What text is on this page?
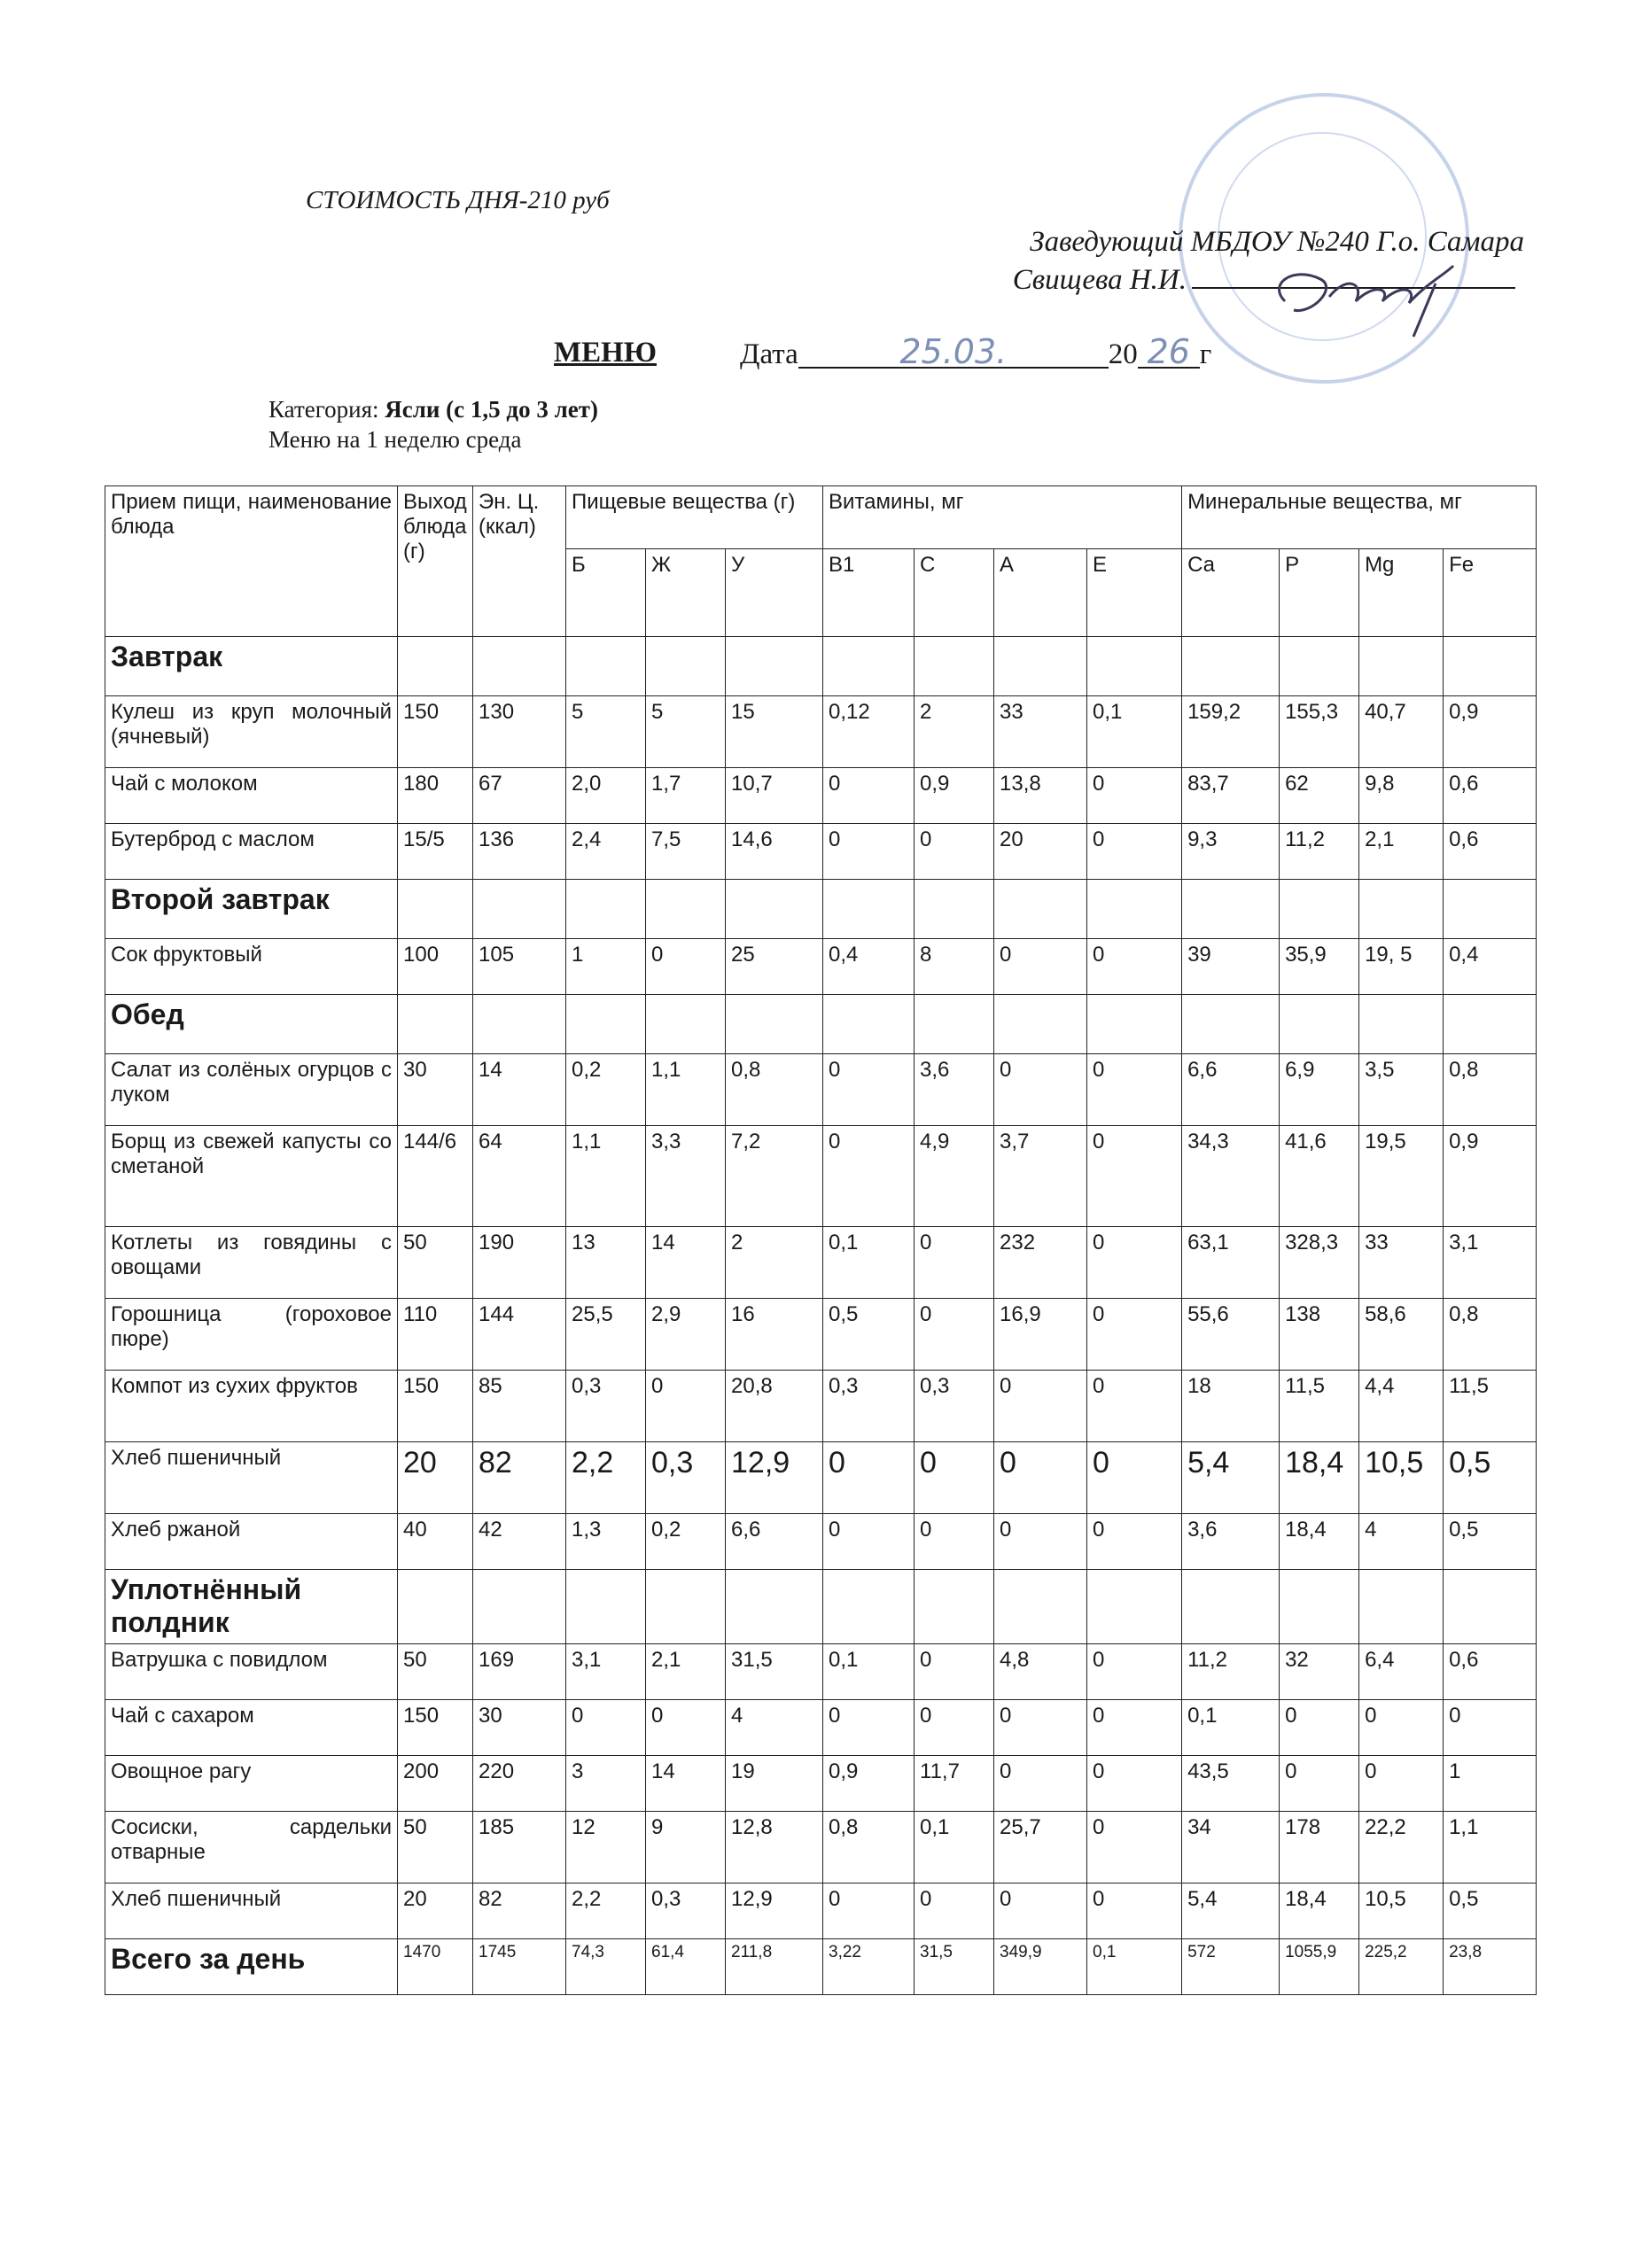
СТОИМОСТЬ ДНЯ-210 руб
Заведующий МБДОУ №240 Г.о. Самара
Свищева Н.И.
МЕНЮ	Дата	25.03.	20 26 г
Категория: Ясли (с 1,5 до 3 лет)
Меню на 1 неделю среда
Прием пищи, наименование блюда	Выход блюда (г)	Эн. Ц. (ккал)	Пищевые вещества (г)			Витамины, мг				Минеральные вещества, мг			
			Б	Ж	У	В1	С	А	Е	Са	Р	Mg	Fe
Завтрак													
Кулеш из круп молочный (ячневый)	150	130	5	5	15	0,12	2	33	0,1	159,2	155,3	40,7	0,9
Чай с молоком	180	67	2,0	1,7	10,7	0	0,9	13,8	0	83,7	62	9,8	0,6
Бутерброд с маслом	15/5	136	2,4	7,5	14,6	0	0	20	0	9,3	11,2	2,1	0,6
Второй завтрак													
Сок фруктовый	100	105	1	0	25	0,4	8	0	0	39	35,9	19, 5	0,4
Обед													
Салат из солёных огурцов с луком	30	14	0,2	1,1	0,8	0	3,6	0	0	6,6	6,9	3,5	0,8
Борщ из свежей капусты со сметаной	144/6	64	1,1	3,3	7,2	0	4,9	3,7	0	34,3	41,6	19,5	0,9
Котлеты из говядины с овощами	50	190	13	14	2	0,1	0	232	0	63,1	328,3	33	3,1
Горошница (гороховое пюре)	110	144	25,5	2,9	16	0,5	0	16,9	0	55,6	138	58,6	0,8
Компот из сухих фруктов	150	85	0,3	0	20,8	0,3	0,3	0	0	18	11,5	4,4	11,5
Хлеб пшеничный	20	82	2,2	0,3	12,9	0	0	0	0	5,4	18,4	10,5	0,5
Хлеб ржаной	40	42	1,3	0,2	6,6	0	0	0	0	3,6	18,4	4	0,5
Уплотнённый полдник													
Ватрушка с повидлом	50	169	3,1	2,1	31,5	0,1	0	4,8	0	11,2	32	6,4	0,6
Чай с сахаром	150	30	0	0	4	0	0	0	0	0,1	0	0	0
Овощное рагу	200	220	3	14	19	0,9	11,7	0	0	43,5	0	0	1
Сосиски, сардельки отварные	50	185	12	9	12,8	0,8	0,1	25,7	0	34	178	22,2	1,1
Хлеб пшеничный	20	82	2,2	0,3	12,9	0	0	0	0	5,4	18,4	10,5	0,5
Всего за день	1470	1745	74,3	61,4	211,8	3,22	31,5	349,9	0,1	572	1055,9	225,2	23,8
